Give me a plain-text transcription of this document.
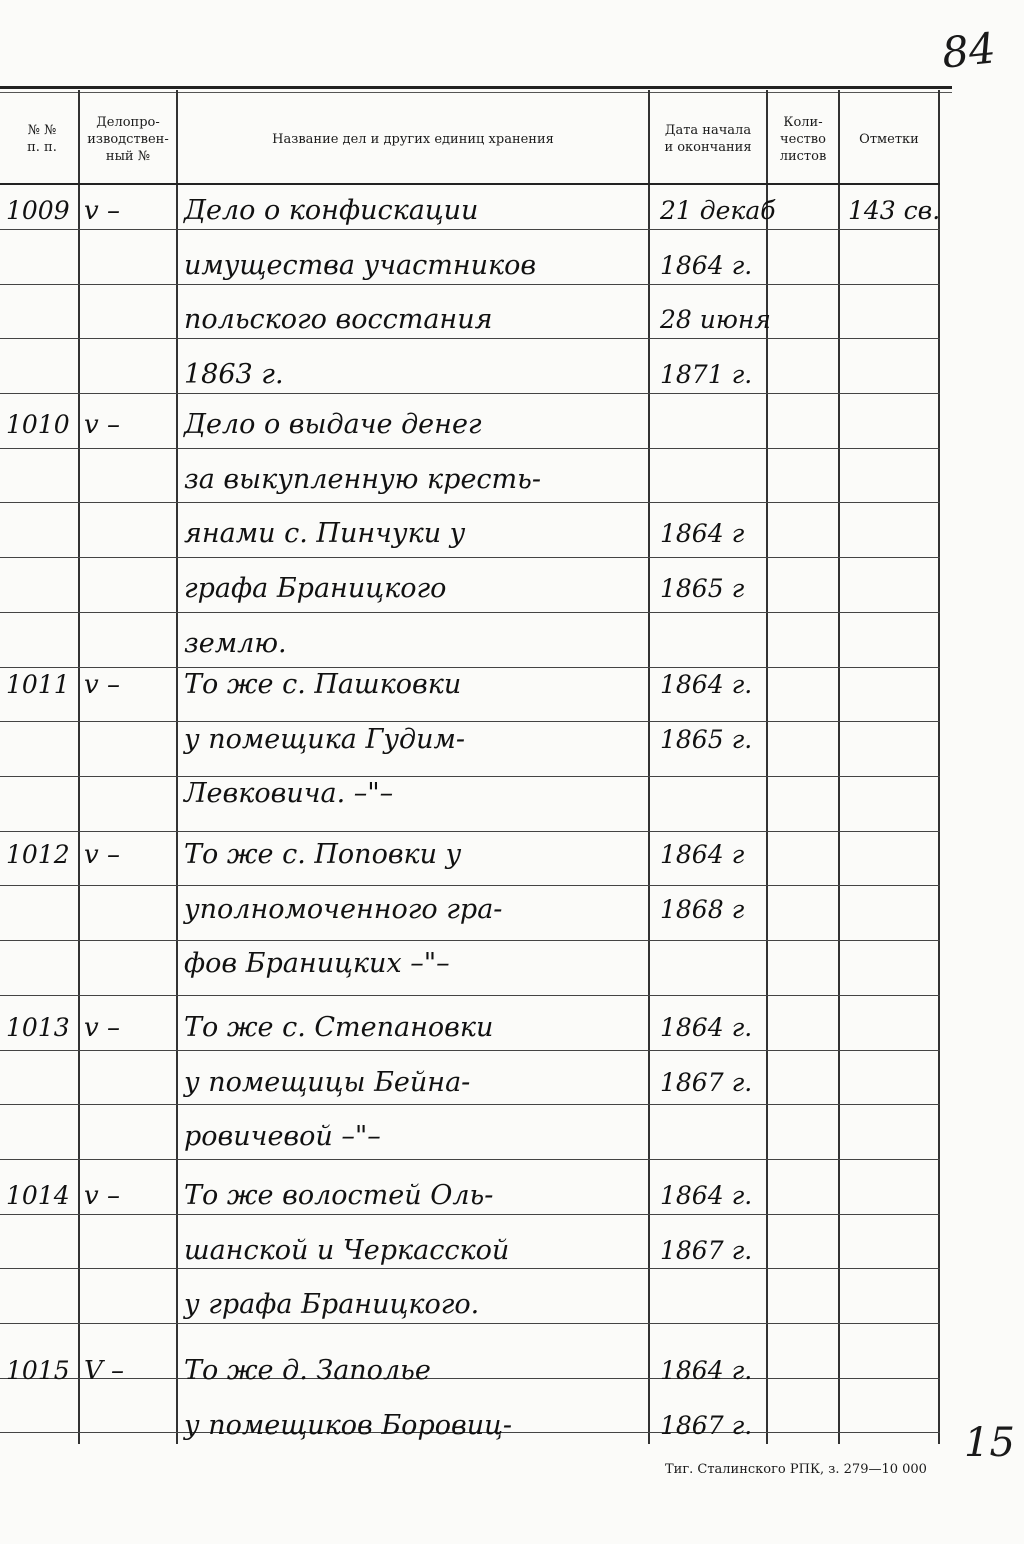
84
№ №
п. п.
Делопро-
изводствен-
ный №
Название дел и других единиц хранения
Дата начала
и окончания
Коли-
чество
листов
Отметки
1009 v – Дело о конфискации
имущества участников
польского восстания
1863 г.
21 декаб
1864 г.
28 июня
1871 г.
143 св.
1010 v – Дело о выдаче денег
за выкупленную кресть-
янами с. Пинчуки у
графа Браницкого
землю.
1864 г
1865 г
1011 v – То же с. Пашковки
у помещика Гудим-
Левковича. –"–
1864 г.
1865 г.
1012 v – То же с. Поповки у
уполномоченного гра-
фов Браницких –"–
1864 г
1868 г
1013 v – То же с. Степановки
у помещицы Бейна-
ровичевой –"–
1864 г.
1867 г.
1014 v – То же волостей Оль-
шанской и Черкасской
у графа Браницкого.
1864 г.
1867 г.
1015 V – То же д. Заполье
у помещиков Боровиц-
1864 г.
1867 г.
Тиг. Сталинского РПК, з. 279—10 000
15
